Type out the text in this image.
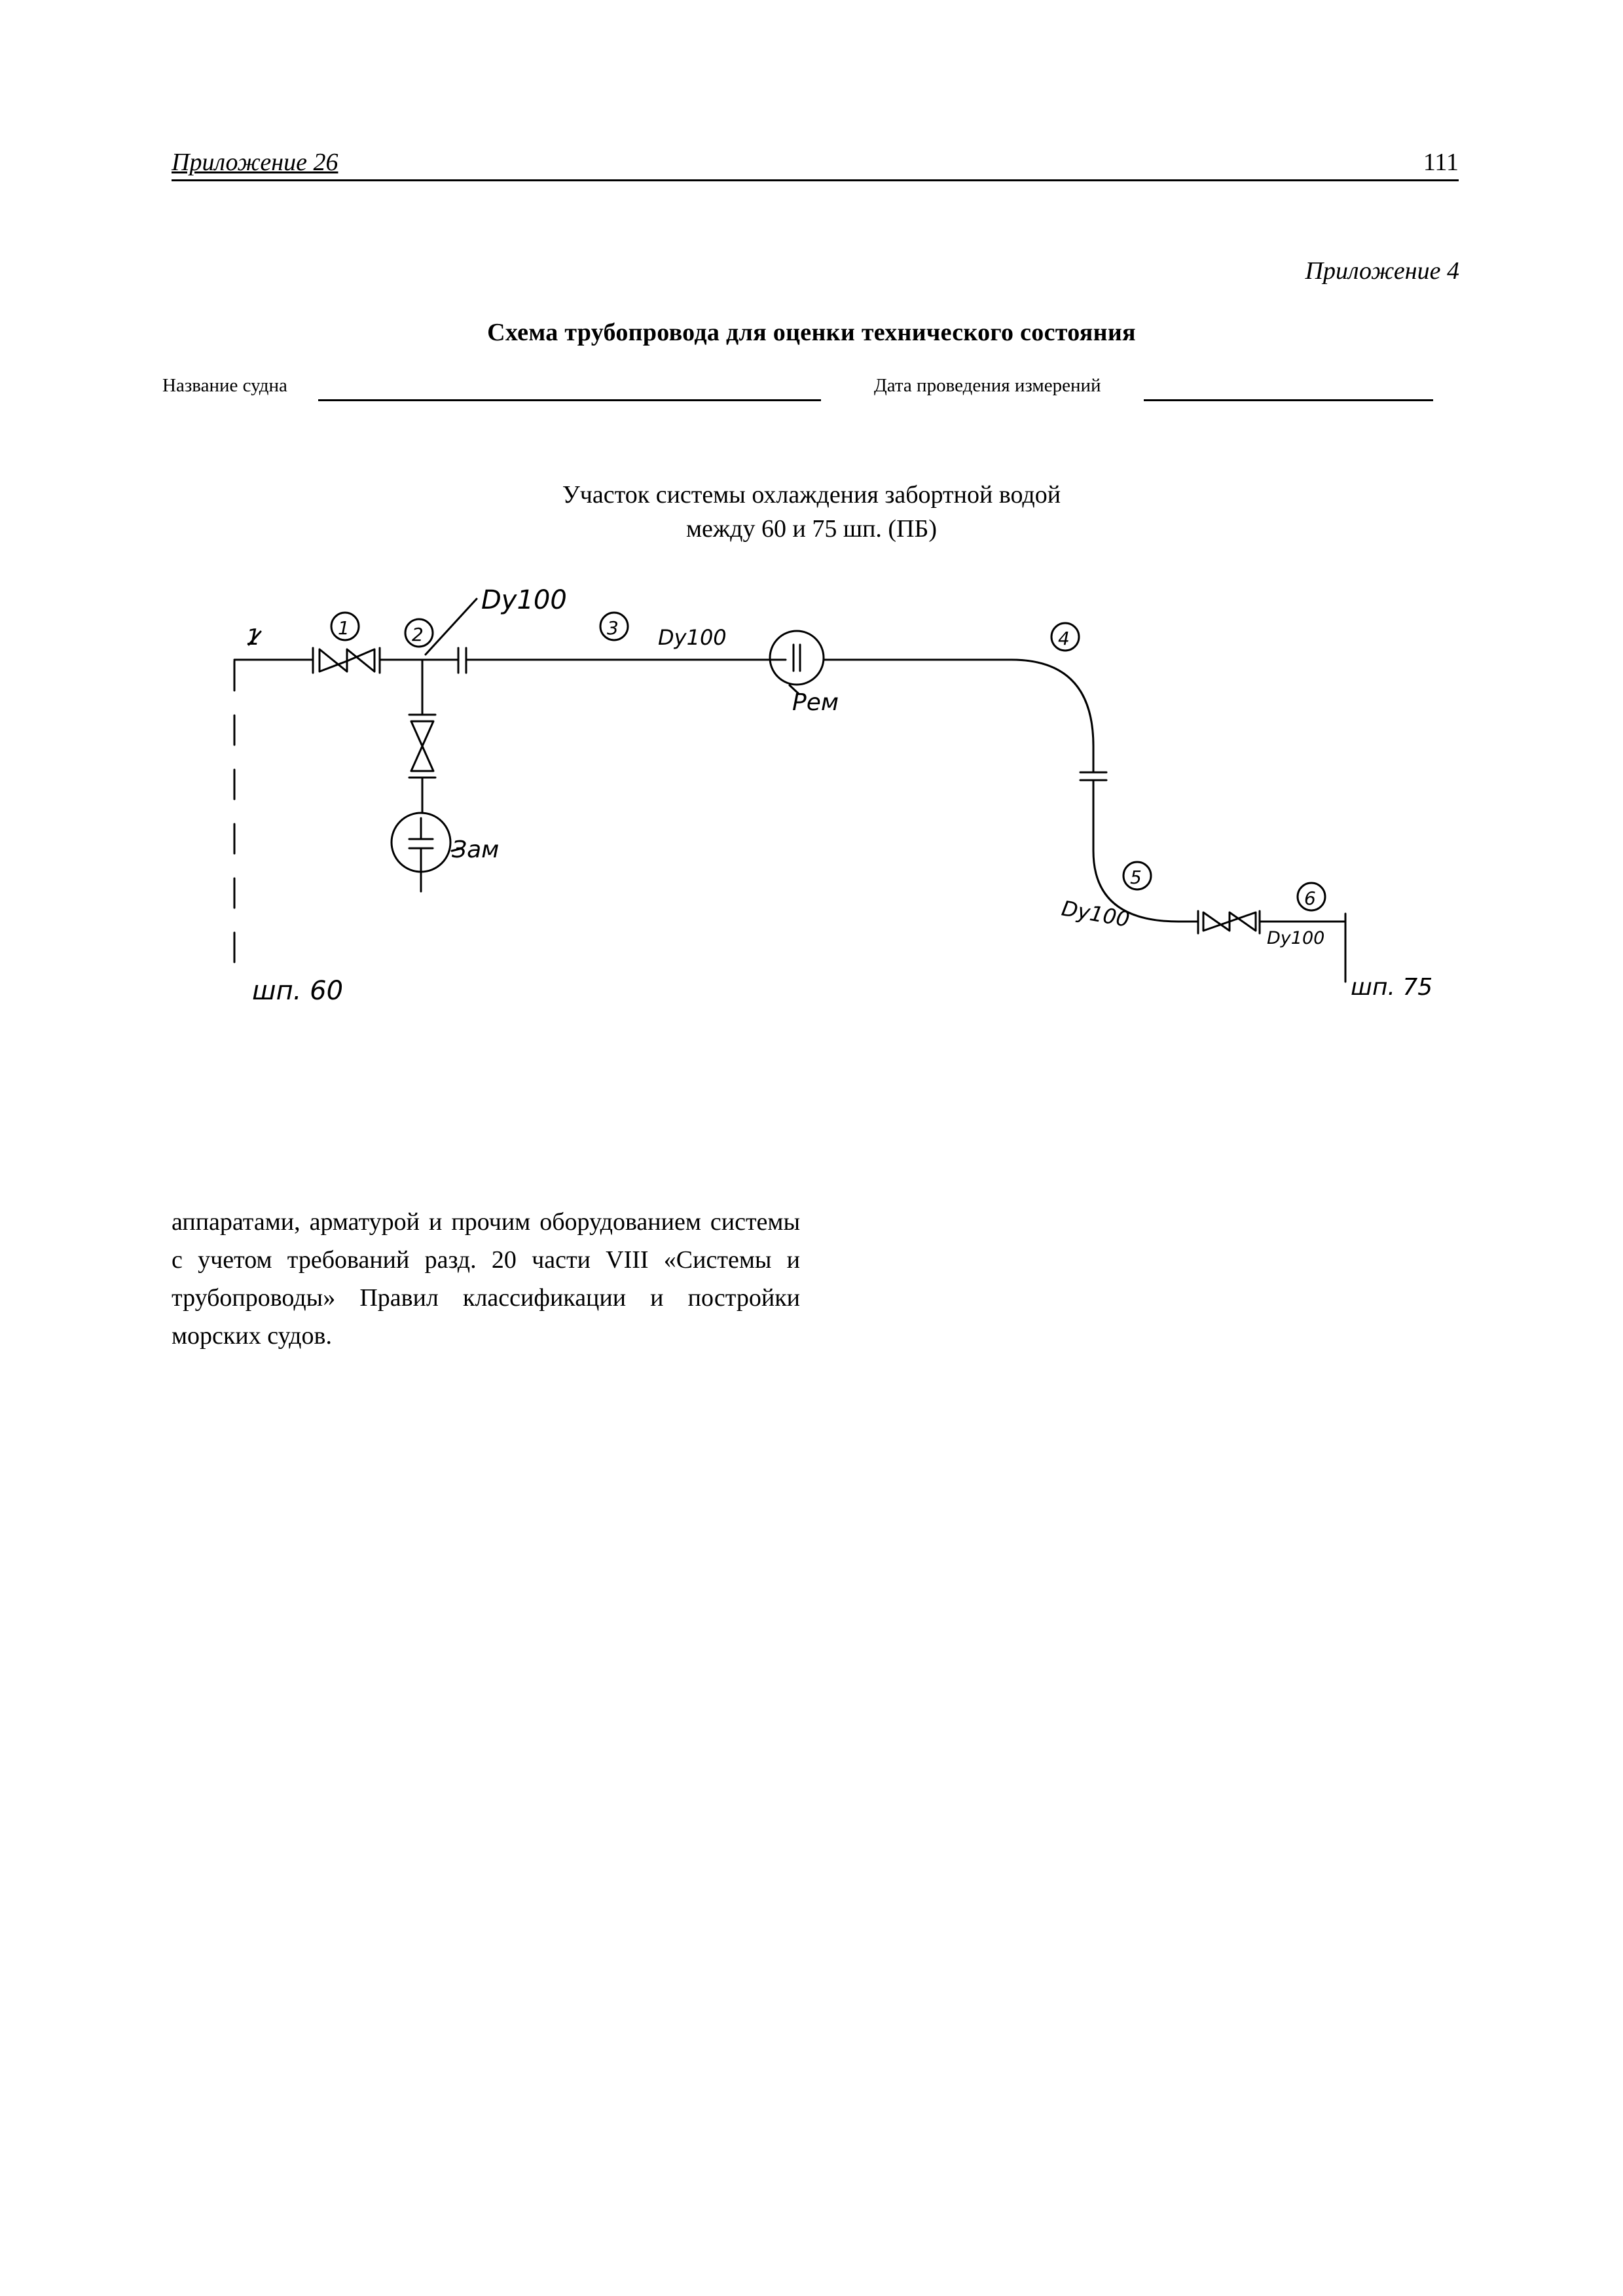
Приложение 26	111
Приложение 4
Схема трубопровода для оценки технического состояния
Название судна	Дата проведения измерений
Участок системы охлаждения забортной водой
между 60 и 75 шп. (ПБ)
1	1	2	3	4
5
6
Dy100
Dy100
Dy100
Dy100
Рем
Зам
шп. 60	шп. 75
аппаратами, арматурой и прочим оборудованием системы с учетом требований разд. 20 части VIII «Системы и трубопроводы» Правил классификации и постройки морских судов.
